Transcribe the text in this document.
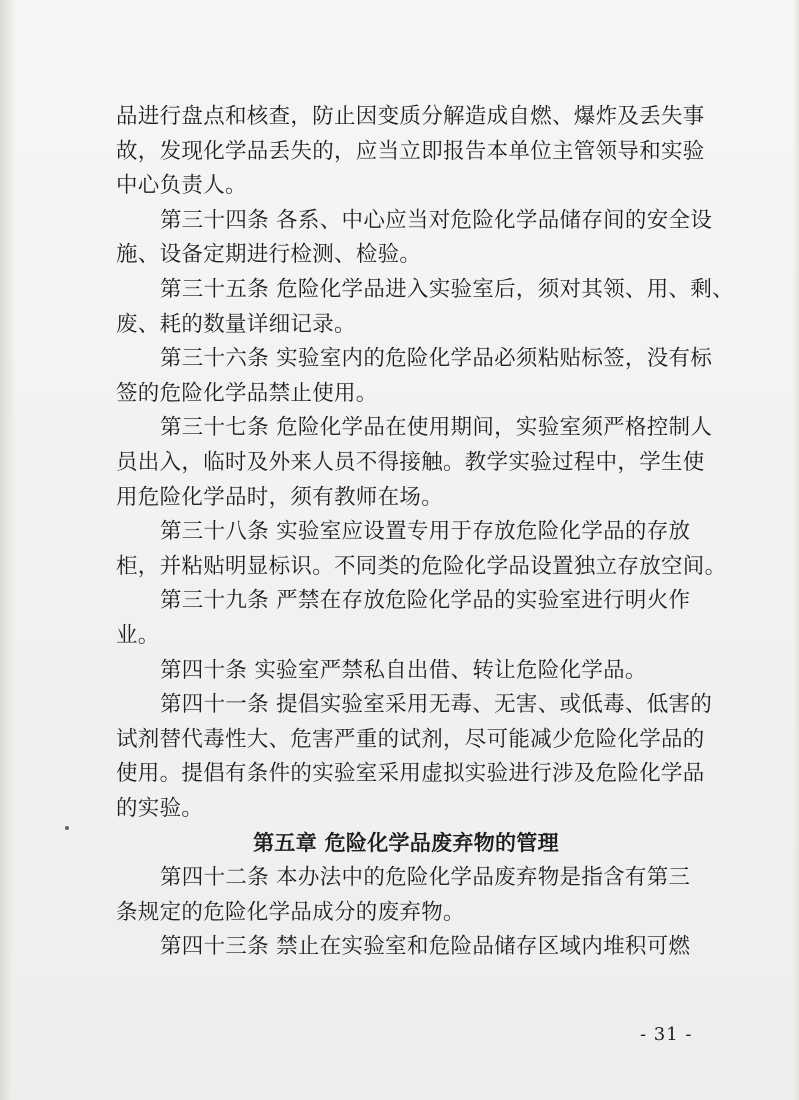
品进行盘点和核查，防止因变质分解造成自燃、爆炸及丢失事
故，发现化学品丢失的，应当立即报告本单位主管领导和实验
中心负责人。
第三十四条 各系、中心应当对危险化学品储存间的安全设
施、设备定期进行检测、检验。
第三十五条 危险化学品进入实验室后，须对其领、用、剩、
废、耗的数量详细记录。
第三十六条 实验室内的危险化学品必须粘贴标签，没有标
签的危险化学品禁止使用。
第三十七条 危险化学品在使用期间，实验室须严格控制人
员出入，临时及外来人员不得接触。教学实验过程中，学生使
用危险化学品时，须有教师在场。
第三十八条 实验室应设置专用于存放危险化学品的存放
柜，并粘贴明显标识。不同类的危险化学品设置独立存放空间。
第三十九条 严禁在存放危险化学品的实验室进行明火作
业。
第四十条 实验室严禁私自出借、转让危险化学品。
第四十一条 提倡实验室采用无毒、无害、或低毒、低害的
试剂替代毒性大、危害严重的试剂，尽可能减少危险化学品的
使用。提倡有条件的实验室采用虚拟实验进行涉及危险化学品
的实验。
第五章 危险化学品废弃物的管理
第四十二条 本办法中的危险化学品废弃物是指含有第三
条规定的危险化学品成分的废弃物。
第四十三条 禁止在实验室和危险品储存区域内堆积可燃
- 31 -
